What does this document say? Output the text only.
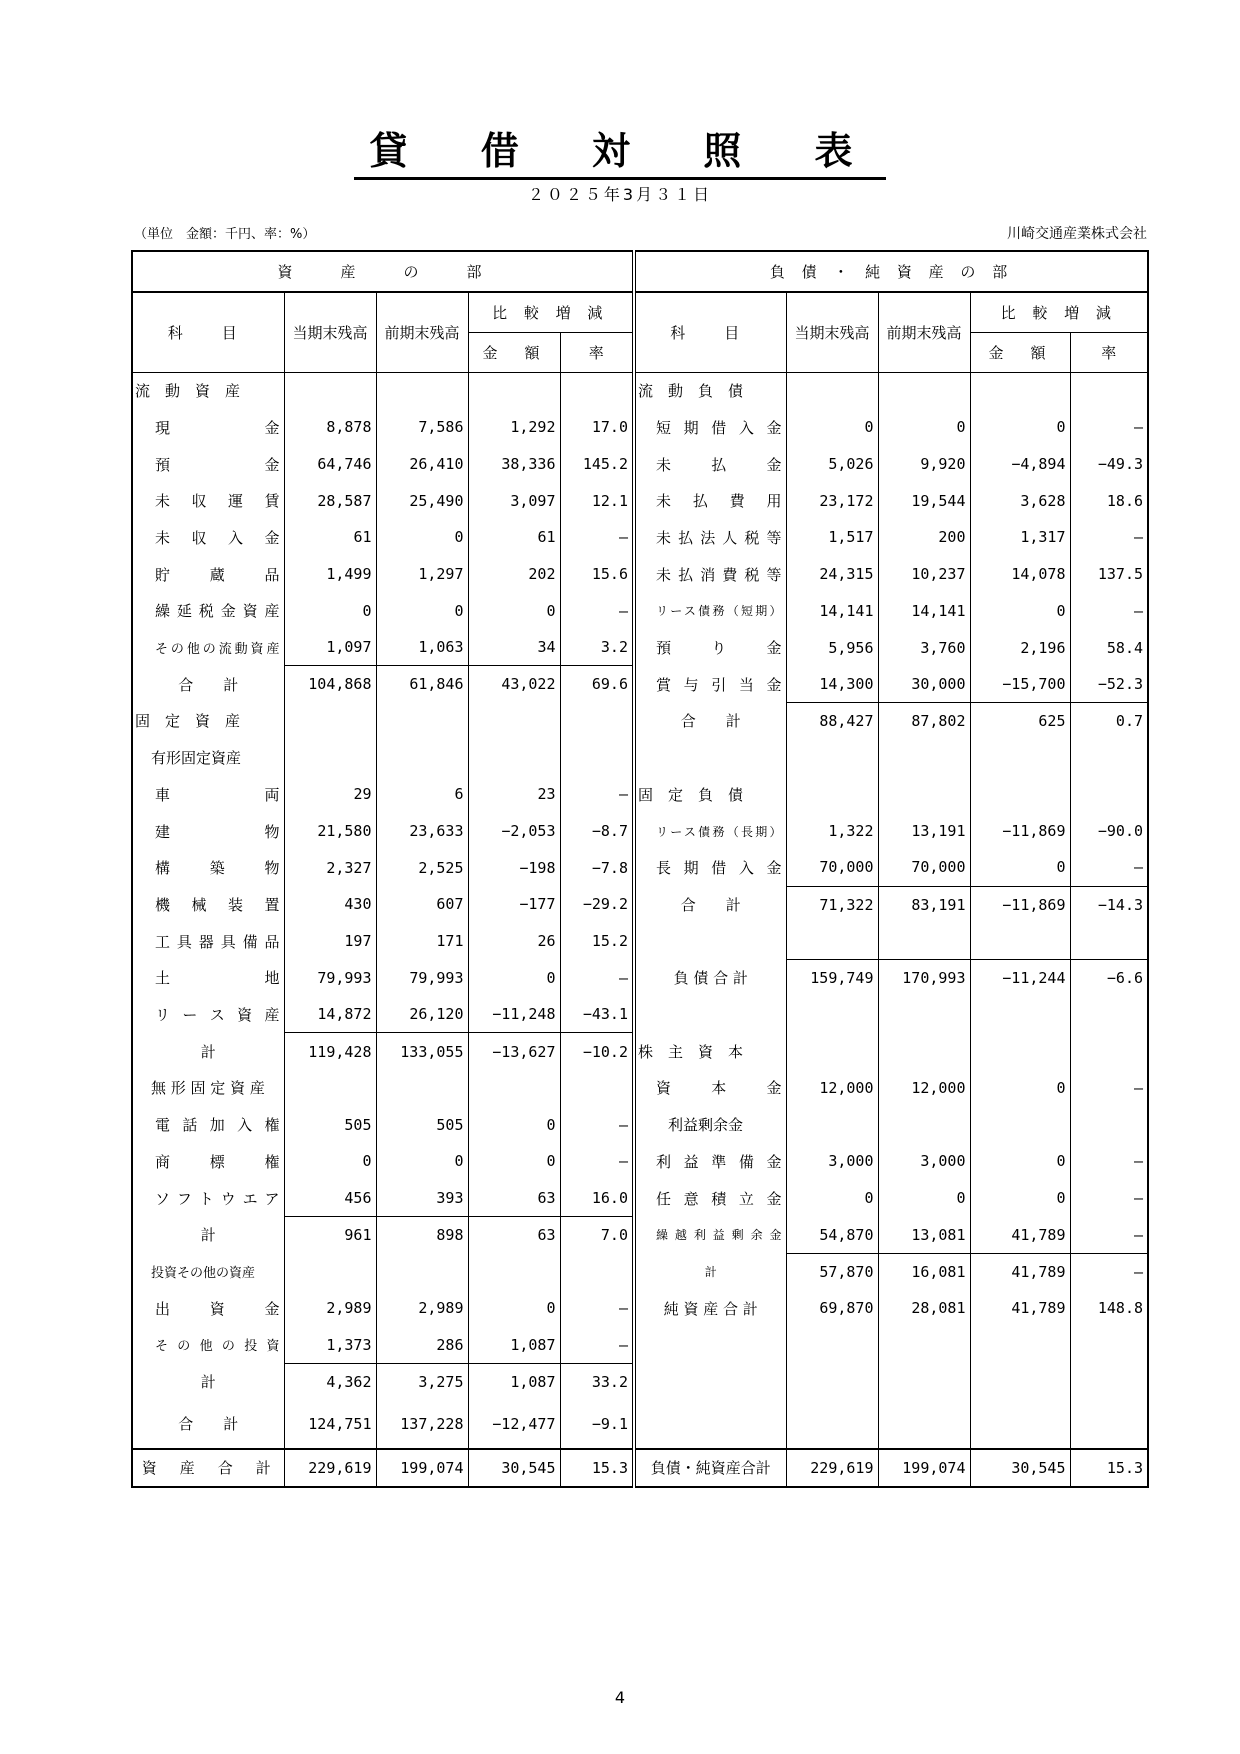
貸 借 対 照 表
２０２５年3月３１日
（単位　金額：千円、率：%）	川崎交通産業株式会社
資　　産　　の　　部					負 債 ・ 純 資 産 の 部				
科　目	当期末残高	前期末残高	比 較 増 減		科　目	当期末残高	前期末残高	比 較 増 減	
			金　額	率				金　額	率
流　動　資　産					流　動　負　債				
現　　　　　金	8,878	7,586	1,292	17.0	短 期 借 入 金	0	0	0	―
預　　　　　金	64,746	26,410	38,336	145.2	未　　払　　金	5,026	9,920	−4,894	−49.3
未　収　運　賃	28,587	25,490	3,097	12.1	未　払　費　用	23,172	19,544	3,628	18.6
未　収　入　金	61	0	61	―	未 払 法 人 税 等	1,517	200	1,317	―
貯　　蔵　　品	1,499	1,297	202	15.6	未 払 消 費 税 等	24,315	10,237	14,078	137.5
繰 延 税 金 資 産	0	0	0	―	リース債務（短期）	14,141	14,141	0	―
その他の流動資産	1,097	1,063	34	3.2	預　　り　　金	5,956	3,760	2,196	58.4
合　　計	104,868	61,846	43,022	69.6	賞 与 引 当 金	14,300	30,000	−15,700	−52.3
固　定　資　産					合　　計	88,427	87,802	625	0.7
有形固定資産									
車　　　両	29	6	23	―	固　定　負　債				
建　　　物	21,580	23,633	−2,053	−8.7	リース債務（長期）	1,322	13,191	−11,869	−90.0
構　築　物	2,327	2,525	−198	−7.8	長 期 借 入 金	70,000	70,000	0	―
機 械 装 置	430	607	−177	−29.2	合　　計	71,322	83,191	−11,869	−14.3
工具器具備品	197	171	26	15.2					
土　　　地	79,993	79,993	0	―	負 債 合 計	159,749	170,993	−11,244	−6.6
リ ー ス 資 産	14,872	26,120	−11,248	−43.1					
計	119,428	133,055	−13,627	−10.2	株　主　資　本				
無 形 固 定 資 産					資　本　金	12,000	12,000	0	―
電 話 加 入 権	505	505	0	―	利益剰余金				
商　標　権	0	0	0	―	利益準備金	3,000	3,000	0	―
ソ フ ト ウ エ ア	456	393	63	16.0	任意積立金	0	0	0	―
計	961	898	63	7.0	繰越利益剰余金	54,870	13,081	41,789	―
投資その他の資産					計	57,870	16,081	41,789	―
出　資　金	2,989	2,989	0	―	純 資 産 合 計	69,870	28,081	41,789	148.8
その他の投資	1,373	286	1,087	―					
計	4,362	3,275	1,087	33.2					
合　　計	124,751	137,228	−12,477	−9.1					
資　産　合　計	229,619	199,074	30,545	15.3	負債・純資産合計	229,619	199,074	30,545	15.3
4
